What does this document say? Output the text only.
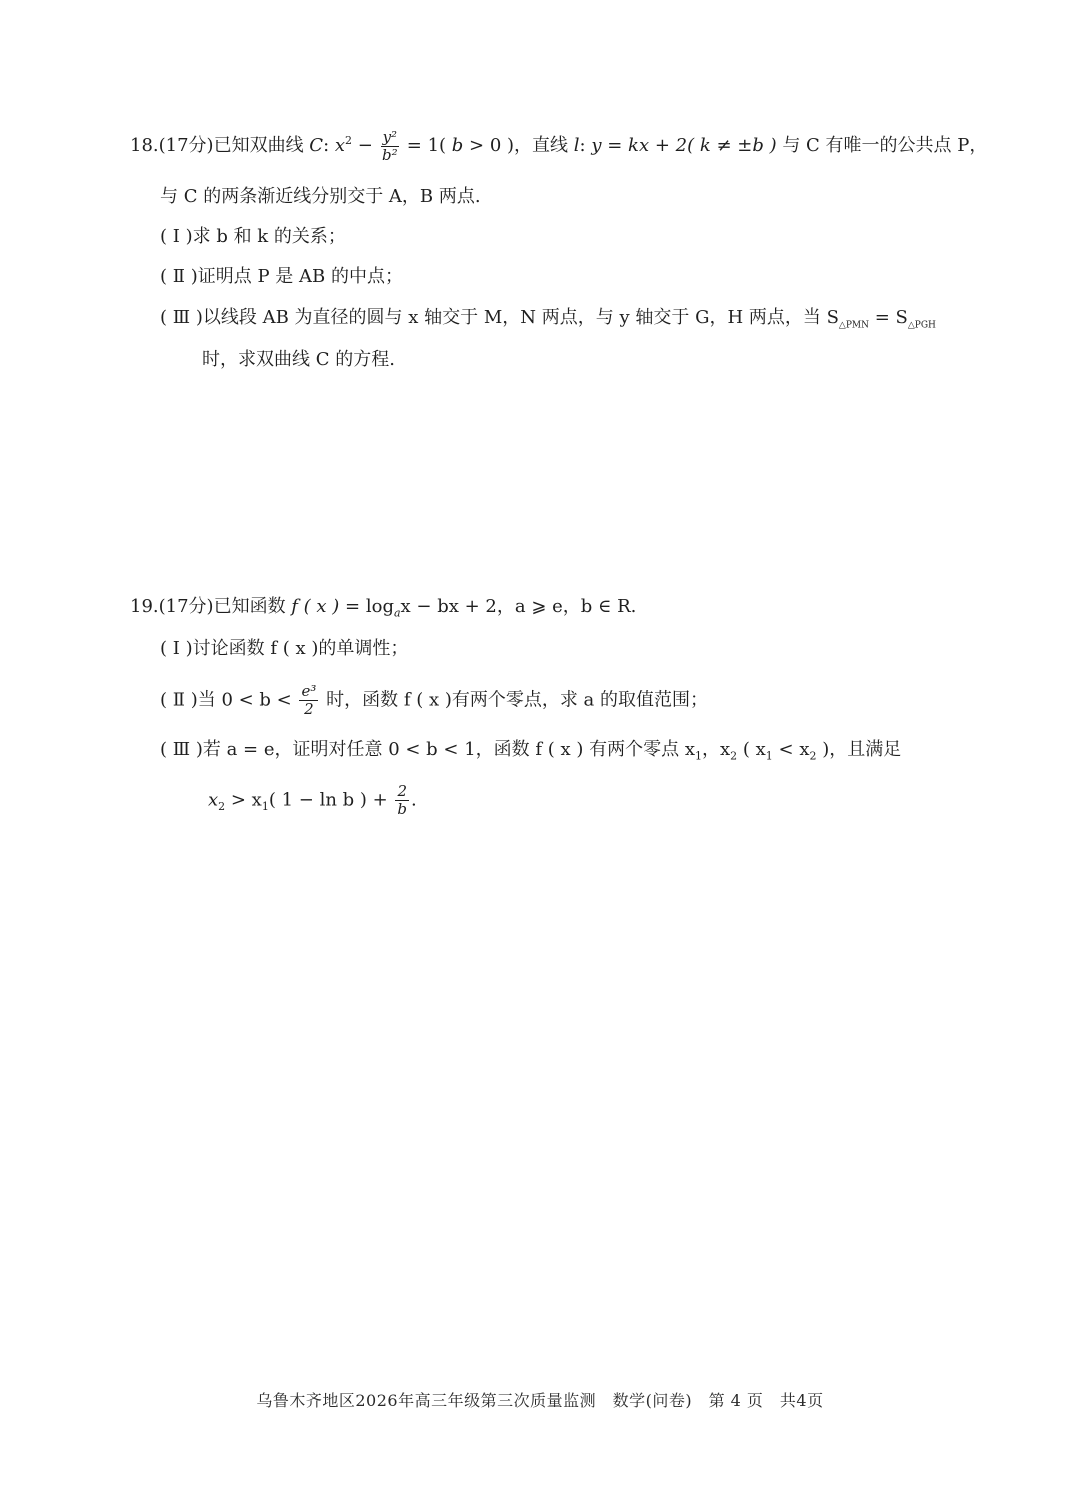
18.(17分)已知双曲线 C: $x^2 - \frac{\text{y²}}{\text{b²}} = 1$( b > 0 )，直线 l: y = kx + 2( k ≠ ±b ) 与 C 有唯一的公共点 P，
与 C 的两条渐近线分别交于 A，B 两点.
( Ⅰ )求 b 和 k 的关系；
( Ⅱ )证明点 P 是 AB 的中点；
( Ⅲ )以线段 AB 为直径的圆与 x 轴交于 M，N 两点，与 y 轴交于 G，H 两点，当 $S_{\triangle PMN} = S_{\triangle PGH}$
时，求双曲线 C 的方程.
19.(17分)已知函数 f ( x ) = $\log_ax$ − bx + 2，a ⩾ e，b ∈ R.
( Ⅰ )讨论函数 f ( x )的单调性；
( Ⅱ )当 $0 < b < \frac{\text{e³}}{2}$ 时，函数 f ( x )有两个零点，求 a 的取值范围；
( Ⅲ )若 a = e，证明对任意 0 < b < 1，函数 f ( x ) 有两个零点 $x_1$，$x_2$ ( $x_1 < x_2$ )，且满足
$x_2 > x_1$( 1 − ln b ) + $\frac{2}{b}$ .
乌鲁木齐地区2026年高三年级第三次质量监测　数学(问卷)　第 4 页　共4页
